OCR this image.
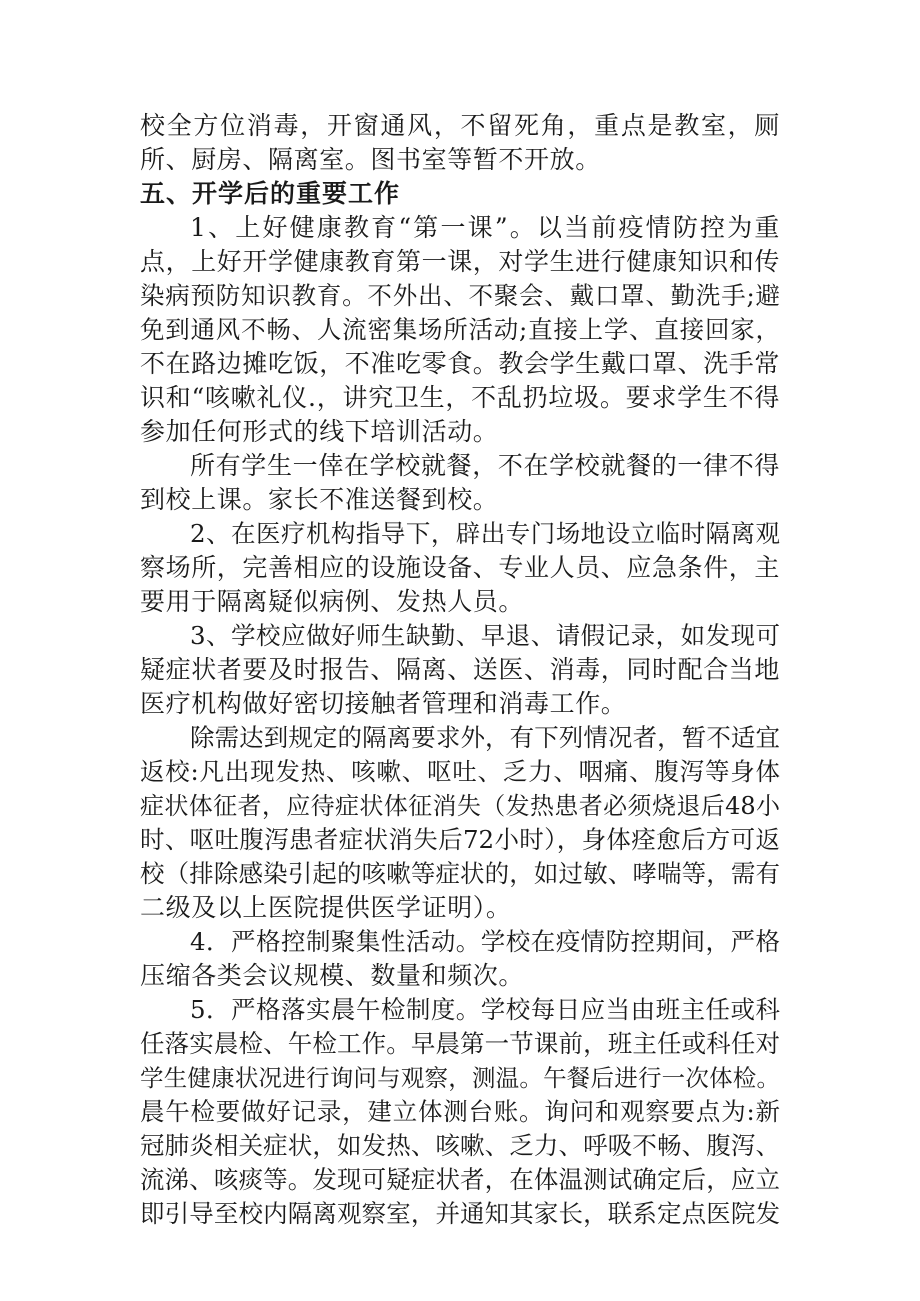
校全方位消毒，开窗通风，不留死角，重点是教室，厕
所、厨房、隔离室。图书室等暂不开放。
五、开学后的重要工作
1、上好健康教育“第一课”。以当前疫情防控为重
点，上好开学健康教育第一课，对学生进行健康知识和传
染病预防知识教育。不外出、不聚会、戴口罩、勤洗手;避
免到通风不畅、人流密集场所活动;直接上学、直接回家，
不在路边摊吃饭，不准吃零食。教会学生戴口罩、洗手常
识和“咳嗽礼仪.，讲究卫生，不乱扔垃圾。要求学生不得
参加任何形式的线下培训活动。
所有学生一倖在学校就餐，不在学校就餐的一律不得
到校上课。家长不准送餐到校。
2、在医疗机构指导下，辟出专门场地设立临时隔离观
察场所，完善相应的设施设备、专业人员、应急条件，主
要用于隔离疑似病例、发热人员。
3、学校应做好师生缺勤、早退、请假记录，如发现可
疑症状者要及时报告、隔离、送医、消毒，同时配合当地
医疗机构做好密切接触者管理和消毒工作。
除需达到规定的隔离要求外，有下列情况者，暂不适宜
返校:凡出现发热、咳嗽、呕吐、乏力、咽痛、腹泻等身体
症状体征者，应待症状体征消失（发热患者必须烧退后48小
时、呕吐腹泻患者症状消失后72小时），身体痊愈后方可返
校（排除感染引起的咳嗽等症状的，如过敏、哮喘等，需有
二级及以上医院提供医学证明）。
4．严格控制聚集性活动。学校在疫情防控期间，严格
压缩各类会议规模、数量和频次。
5．严格落实晨午检制度。学校每日应当由班主任或科
任落实晨检、午检工作。早晨第一节课前，班主任或科任对
学生健康状况进行询问与观察，测温。午餐后进行一次体检。
晨午检要做好记录，建立体测台账。询问和观察要点为:新
冠肺炎相关症状，如发热、咳嗽、乏力、呼吸不畅、腹泻、
流涕、咳痰等。发现可疑症状者，在体温测试确定后，应立
即引导至校内隔离观察室，并通知其家长，联系定点医院发
